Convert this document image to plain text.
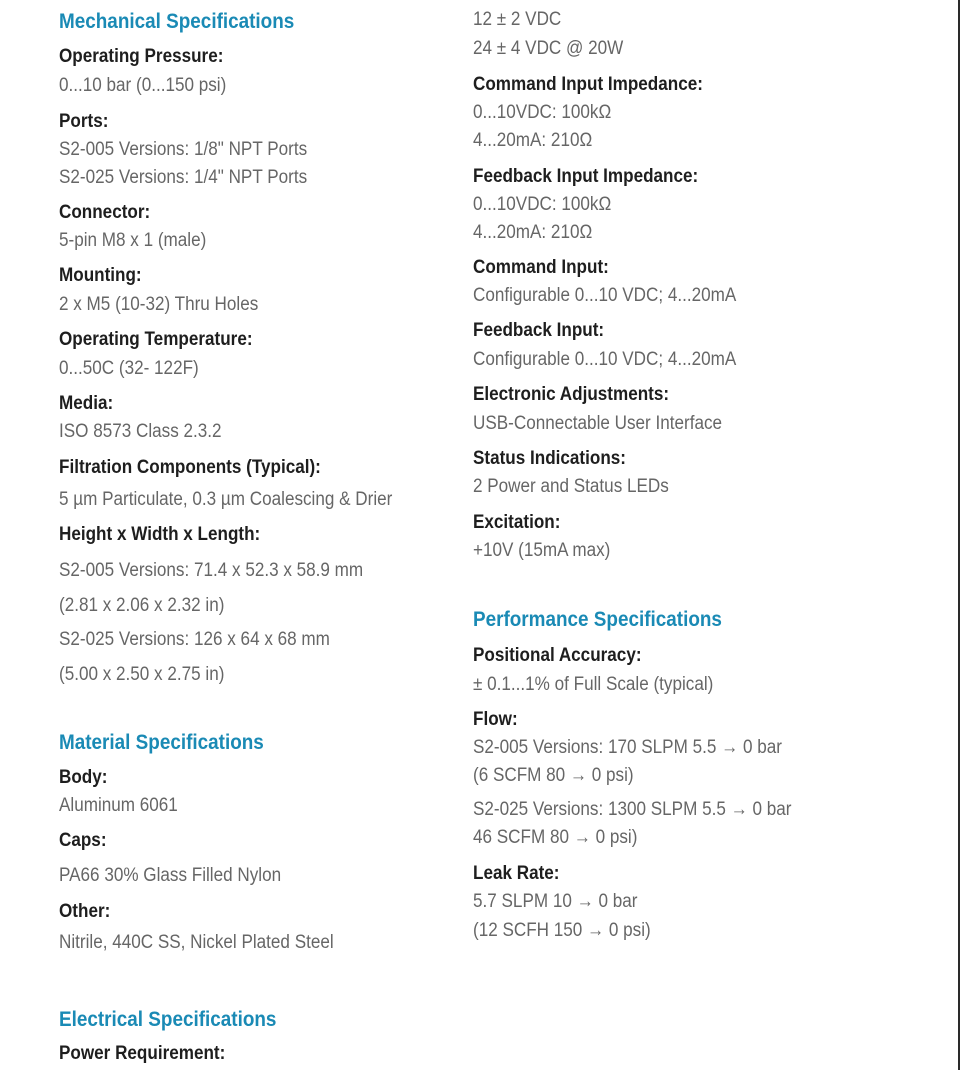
Mechanical Specifications
Operating Pressure:
0...10 bar (0...150 psi)
Ports:
S2-005 Versions: 1/8" NPT Ports
S2-025 Versions: 1/4" NPT Ports
Connector:
5-pin M8 x 1 (male)
Mounting:
2 x M5 (10-32) Thru Holes
Operating Temperature:
0...50C (32- 122F)
Media:
ISO 8573 Class 2.3.2
Filtration Components (Typical):
5 µm Particulate, 0.3 µm Coalescing & Drier
Height x Width x Length:
S2-005 Versions: 71.4 x 52.3 x 58.9 mm
(2.81 x 2.06 x 2.32 in)
S2-025 Versions: 126 x 64 x 68 mm
(5.00 x 2.50 x 2.75 in)
Material Specifications
Body:
Aluminum 6061
Caps:
PA66 30% Glass Filled Nylon
Other:
Nitrile, 440C SS, Nickel Plated Steel
Electrical Specifications
Power Requirement:
12 ± 2 VDC
24 ± 4 VDC @ 20W
Command Input Impedance:
0...10VDC: 100kΩ
4...20mA: 210Ω
Feedback Input Impedance:
0...10VDC: 100kΩ
4...20mA: 210Ω
Command Input:
Configurable 0...10 VDC; 4...20mA
Feedback Input:
Configurable 0...10 VDC; 4...20mA
Electronic Adjustments:
USB-Connectable User Interface
Status Indications:
2 Power and Status LEDs
Excitation:
+10V (15mA max)
Performance Specifications
Positional Accuracy:
± 0.1...1% of Full Scale (typical)
Flow:
S2-005 Versions: 170 SLPM 5.5 → 0 bar
(6 SCFM 80 → 0 psi)
S2-025 Versions: 1300 SLPM 5.5 → 0 bar
46 SCFM 80 → 0 psi)
Leak Rate:
5.7 SLPM 10 → 0 bar
(12 SCFH 150 → 0 psi)
